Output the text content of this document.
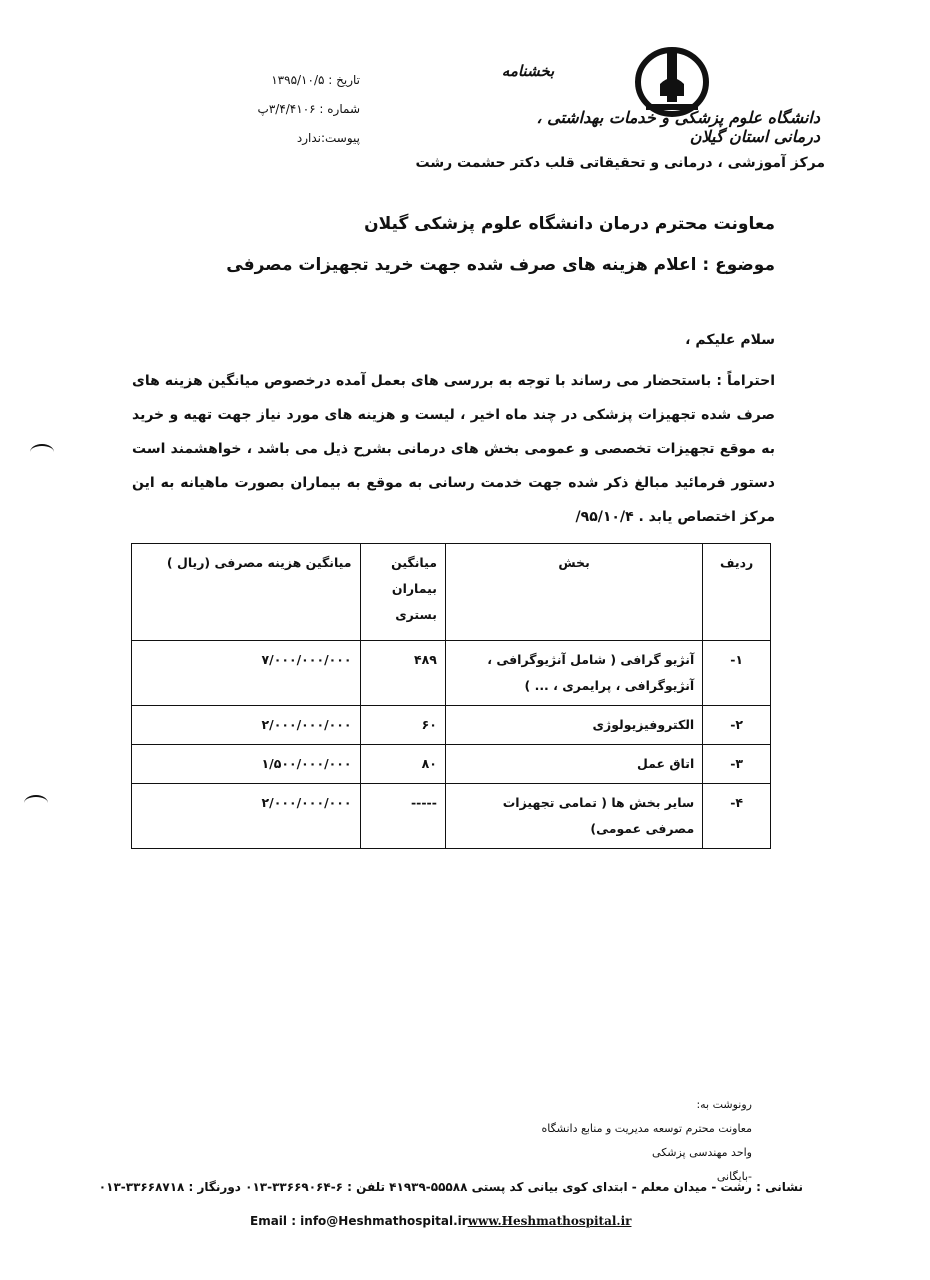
بخشنامه
دانشگاه علوم پزشکی و خدمات بهداشتی ، درمانی استان گیلان
مرکز آموزشی ، درمانی و تحقیقاتی قلب دکتر حشمت رشت
تاریخ : ۱۳۹۵/۱۰/۵
شماره : ۳/۴/۴۱۰۶پ
پیوست:ندارد
معاونت محترم درمان دانشگاه علوم پزشکی گیلان
موضوع : اعلام هزینه های صرف شده جهت خرید تجهیزات مصرفی
سلام علیکم ،
احتراماً : باستحضار می رساند با توجه به بررسی های بعمل آمده درخصوص میانگین هزینه های صرف شده تجهیزات پزشکی در چند ماه اخیر ، لیست و هزینه های مورد نیاز جهت تهیه و خرید به موقع تجهیزات تخصصی و عمومی بخش های درمانی بشرح ذیل می باشد ، خواهشمند است دستور فرمائید مبالغ ذکر شده جهت خدمت رسانی به موقع به بیماران بصورت ماهیانه به این مرکز اختصاص یابد . ۹۵/۱۰/۴/
ردیف	بخش	میانگین بیماران بستری	میانگین هزینه مصرفی (ریال )
۱-	آنژیو گرافی ( شامل آنژیوگرافی ، آنژیوگرافی ، پرایمری ، ... )	۴۸۹	۷/۰۰۰/۰۰۰/۰۰۰
۲-	الکتروفیزیولوژی	۶۰	۲/۰۰۰/۰۰۰/۰۰۰
۳-	اتاق عمل	۸۰	۱/۵۰۰/۰۰۰/۰۰۰
۴-	سایر بخش ها ( تمامی تجهیزات مصرفی عمومی)	-----	۲/۰۰۰/۰۰۰/۰۰۰
رونوشت به:
معاونت محترم توسعه مدیریت و منابع دانشگاه
واحد مهندسی پزشکی
-بایگانی
نشانی : رشت - میدان معلم - ابتدای کوی بیانی کد پستی ۵۵۵۸۸-۴۱۹۳۹ تلفن : ۶-۳۳۶۶۹۰۶۴-۰۱۳ دورنگار : ۳۳۶۶۸۷۱۸-۰۱۳
Email : info@Heshmathospital.irwww.Heshmathospital.ir
